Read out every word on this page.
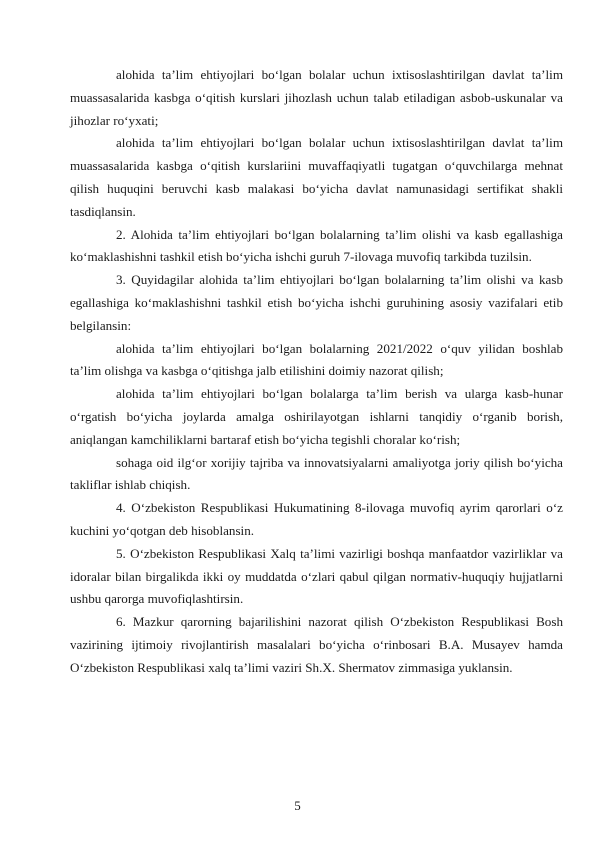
alohida ta’lim ehtiyojlari bo‘lgan bolalar uchun ixtisoslashtirilgan davlat ta’lim muassasalarida kasbga o‘qitish kurslari jihozlash uchun talab etiladigan asbob-uskunalar va jihozlar ro‘yxati;

alohida ta’lim ehtiyojlari bo‘lgan bolalar uchun ixtisoslashtirilgan davlat ta’lim muassasalarida kasbga o‘qitish kurslariini muvaffaqiyatli tugatgan o‘quvchilarga mehnat qilish huquqini beruvchi kasb malakasi bo‘yicha davlat namunasidagi sertifikat shakli tasdiqlansin.

2. Alohida ta’lim ehtiyojlari bo‘lgan bolalarning ta’lim olishi va kasb egallashiga ko‘maklashishni tashkil etish bo‘yicha ishchi guruh 7-ilovaga muvofiq tarkibda tuzilsin.

3. Quyidagilar alohida ta’lim ehtiyojlari bo‘lgan bolalarning ta’lim olishi va kasb egallashiga ko‘maklashishni tashkil etish bo‘yicha ishchi guruhining asosiy vazifalari etib belgilansin:

alohida ta’lim ehtiyojlari bo‘lgan bolalarning 2021/2022 o‘quv yilidan boshlab ta’lim olishga va kasbga o‘qitishga jalb etilishini doimiy nazorat qilish;

alohida ta’lim ehtiyojlari bo‘lgan bolalarga ta’lim berish va ularga kasb-hunar o‘rgatish bo‘yicha joylarda amalga oshirilayotgan ishlarni tanqidiy o‘rganib borish, aniqlangan kamchiliklarni bartaraf etish bo‘yicha tegishli choralar ko‘rish;

sohaga oid ilg‘or xorijiy tajriba va innovatsiyalarni amaliyotga joriy qilish bo‘yicha takliflar ishlab chiqish.

4. O‘zbekiston Respublikasi Hukumatining 8-ilovaga muvofiq ayrim qarorlari o‘z kuchini yo‘qotgan deb hisoblansin.

5. O‘zbekiston Respublikasi Xalq ta’limi vazirligi boshqa manfaatdor vazirliklar va idoralar bilan birgalikda ikki oy muddatda o‘zlari qabul qilgan normativ-huquqiy hujjatlarni ushbu qarorga muvofiqlashtirsin.

6. Mazkur qarorning bajarilishini nazorat qilish O‘zbekiston Respublikasi Bosh vazirining ijtimoiy rivojlantirish masalalari bo‘yicha o‘rinbosari B.A. Musayev hamda O‘zbekiston Respublikasi xalq ta’limi vaziri Sh.X. Shermatov zimmasiga yuklansin.

5
